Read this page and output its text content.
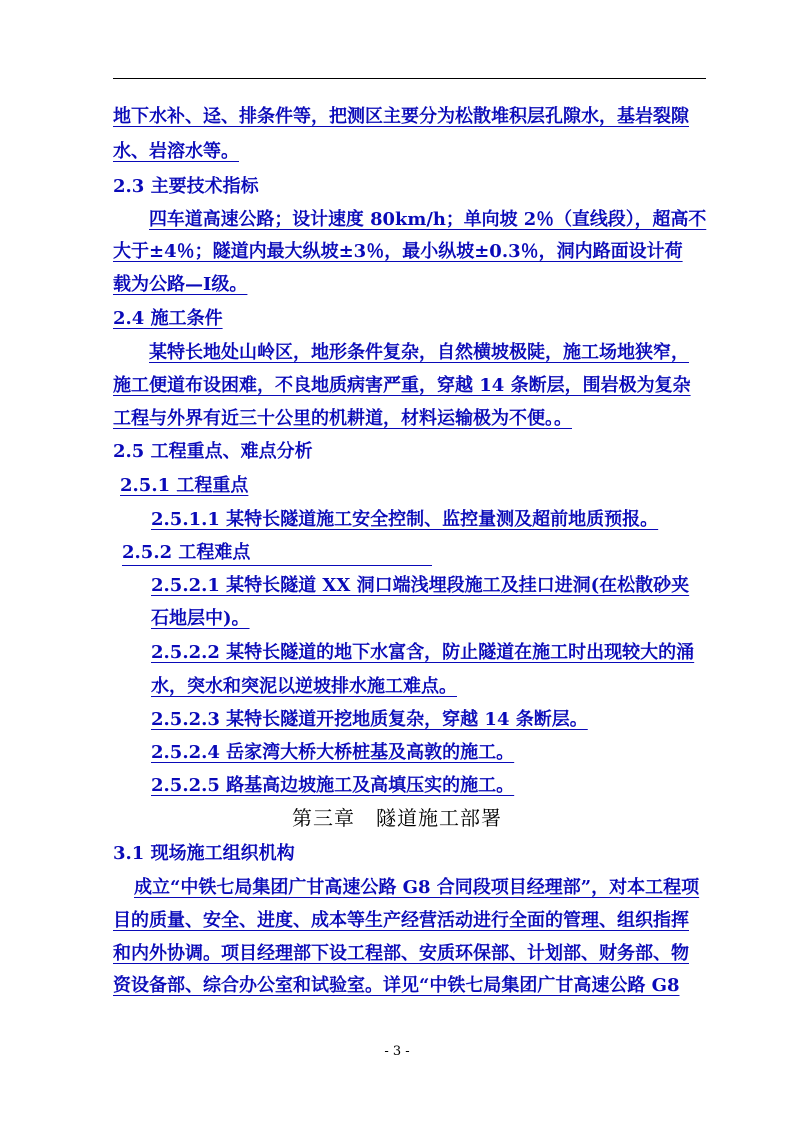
地下水补、迳、排条件等，把测区主要分为松散堆积层孔隙水，基岩裂隙
水、岩溶水等。
2.3 主要技术指标
四车道高速公路；设计速度 80km/h；单向坡 2％（直线段），超高不
大于±4％；隧道内最大纵坡±3％，最小纵坡±0.3％，洞内路面设计荷
载为公路—Ⅰ级。
2.4 施工条件
某特长地处山岭区，地形条件复杂，自然横坡极陡，施工场地狭窄，
施工便道布设困难，不良地质病害严重，穿越 14 条断层，围岩极为复杂
工程与外界有近三十公里的机耕道，材料运输极为不便。。
2.5 工程重点、难点分析
2.5.1 工程重点
2.5.1.1 某特长隧道施工安全控制、监控量测及超前地质预报。
2.5.2 工程难点
2.5.2.1 某特长隧道 XX 洞口端浅埋段施工及挂口进洞(在松散砂夹
石地层中)。
2.5.2.2 某特长隧道的地下水富含，防止隧道在施工时出现较大的涌
水，突水和突泥以逆坡排水施工难点。
2.5.2.3 某特长隧道开挖地质复杂，穿越 14 条断层。
2.5.2.4 岳家湾大桥大桥桩基及高敦的施工。
2.5.2.5 路基高边坡施工及高填压实的施工。
第三章　隧道施工部署
3.1 现场施工组织机构
成立“中铁七局集团广甘高速公路 G8 合同段项目经理部”，对本工程项
目的质量、安全、进度、成本等生产经营活动进行全面的管理、组织指挥
和内外协调。项目经理部下设工程部、安质环保部、计划部、财务部、物
资设备部、综合办公室和试验室。详见“中铁七局集团广甘高速公路 G8
- 3 -
